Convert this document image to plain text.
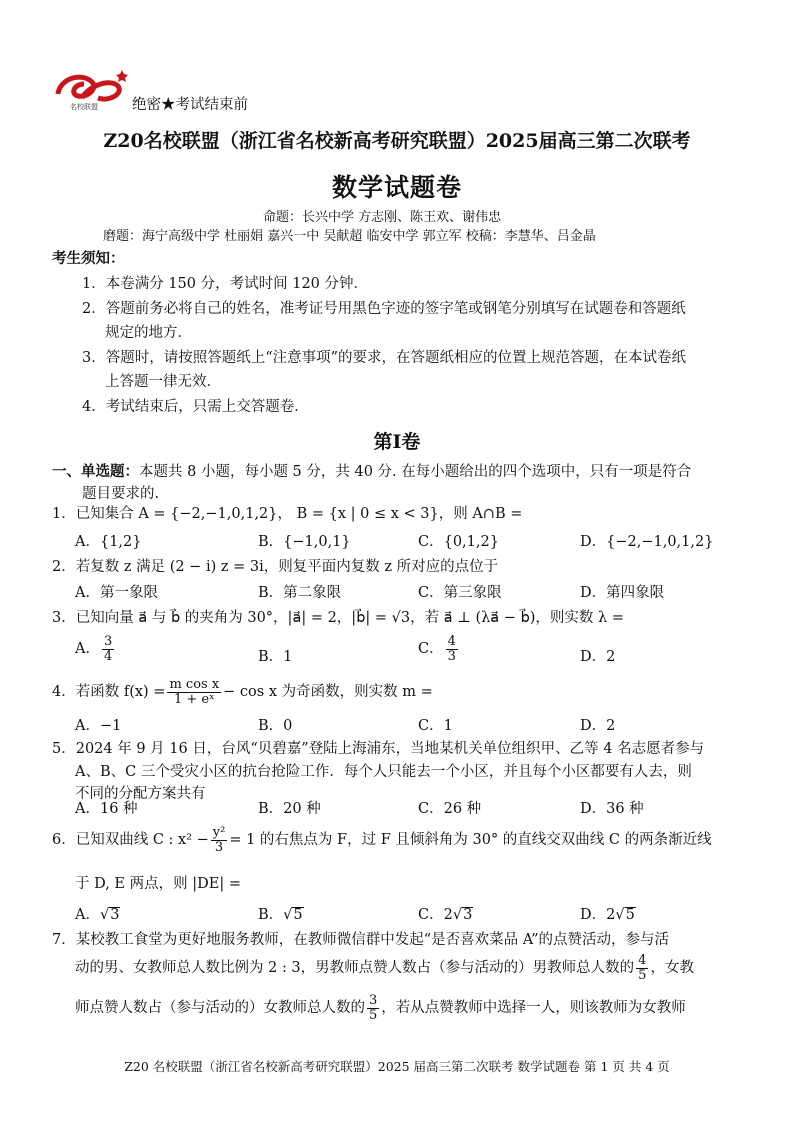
名校联盟 绝密★考试结束前
Z20名校联盟（浙江省名校新高考研究联盟）2025届高三第二次联考
数学试题卷
命题：长兴中学 方志刚、陈王欢、谢伟忠
磨题：海宁高级中学 杜丽娟 嘉兴一中 吴献超 临安中学 郭立军 校稿：李慧华、吕金晶
考生须知：
1．本卷满分 150 分，考试时间 120 分钟．
2．答题前务必将自己的姓名，准考证号用黑色字迹的签字笔或钢笔分别填写在试题卷和答题纸
规定的地方．
3．答题时，请按照答题纸上“注意事项”的要求，在答题纸相应的位置上规范答题，在本试卷纸
上答题一律无效．
4．考试结束后，只需上交答题卷．
第Ⅰ卷
一、单选题：本题共 8 小题，每小题 5 分，共 40 分. 在每小题给出的四个选项中，只有一项是符合
题目要求的.
1．已知集合 A = {−2,−1,0,1,2}， B = {x | 0 ≤ x < 3}，则 A∩B =
A．{1,2}	B．{−1,0,1}	C．{0,1,2}	D．{−2,−1,0,1,2}
2．若复数 z 满足 (2 − i) z = 3i，则复平面内复数 z 所对应的点位于
A．第一象限	B．第二象限	C．第三象限	D．第四象限
3．已知向量 a⃗ 与 b⃗ 的夹角为 30°，|a⃗| = 2，|b⃗| = √3，若 a⃗ ⊥ (λa⃗ − b⃗)，则实数 λ =
A． $\frac{3}{4}$	B．1	C． $\frac{4}{3}$	D．2
4．若函数 $f(x) = \frac{\text{m cos x}}{\text{1 + eˣ}} - \cos x$ 为奇函数，则实数 m =
A．−1	B．0	C．1	D．2
5．2024 年 9 月 16 日，台风“贝碧嘉”登陆上海浦东，当地某机关单位组织甲、乙等 4 名志愿者参与
A、B、C 三个受灾小区的抗台抢险工作．每个人只能去一个小区，并且每个小区都要有人去，则
不同的分配方案共有
A．16 种	B．20 种	C．26 种	D．36 种
6．已知双曲线 C : $x^2 - \frac{\text{y²}}{3} = 1$ 的右焦点为 F，过 F 且倾斜角为 30° 的直线交双曲线 C 的两条渐近线
于 D, E 两点，则 |DE| =
A．√3	B．√5	C．2√3	D．2√5
7．某校教工食堂为更好地服务教师，在教师微信群中发起“是否喜欢菜品 A”的点赞活动，参与活
动的男、女教师总人数比例为 2 : 3，男教师点赞人数占（参与活动的）男教师总人数的 $\frac{4}{5}$ ，女教
师点赞人数占（参与活动的）女教师总人数的 $\frac{3}{5}$ ，若从点赞教师中选择一人，则该教师为女教师
Z20 名校联盟（浙江省名校新高考研究联盟）2025 届高三第二次联考 数学试题卷 第 1 页 共 4 页
